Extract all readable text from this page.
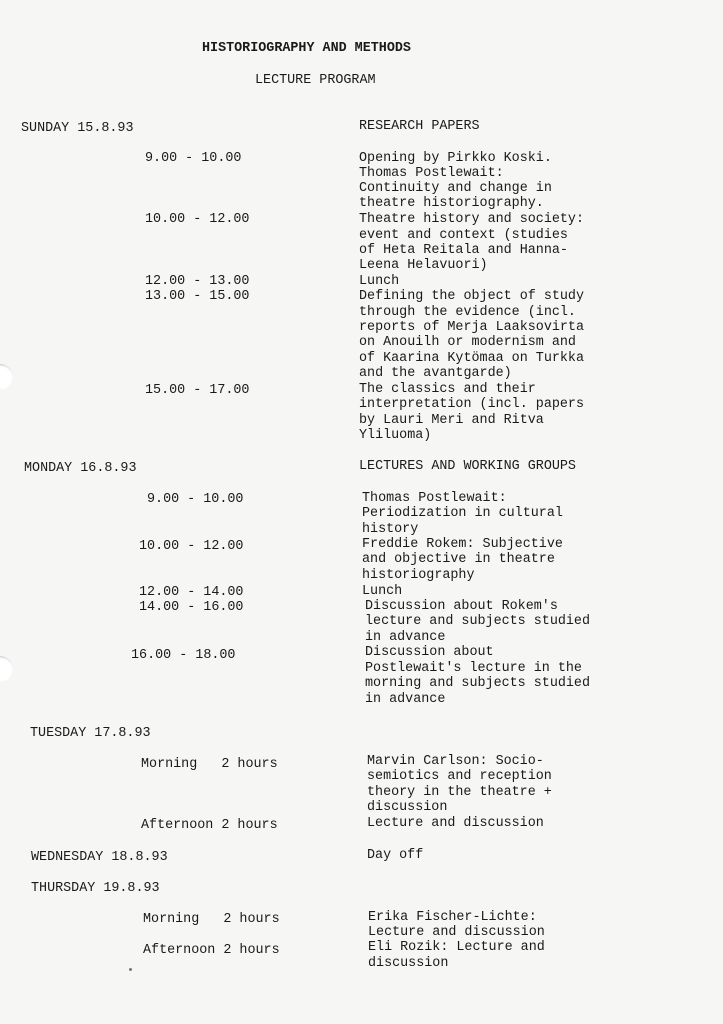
HISTORIOGRAPHY AND METHODS
LECTURE PROGRAM
SUNDAY 15.8.93	RESEARCH PAPERS
9.00 - 10.00	Opening by Pirkko Koski.
Thomas Postlewait:
Continuity and change in
theatre historiography.
10.00 - 12.00	Theatre history and society:
event and context (studies
of Heta Reitala and Hanna-
Leena Helavuori)
12.00 - 13.00	Lunch
13.00 - 15.00	Defining the object of study
through the evidence (incl.
reports of Merja Laaksovirta
on Anouilh or modernism and
of Kaarina Kytömaa on Turkka
and the avantgarde)
15.00 - 17.00	The classics and their
interpretation (incl. papers
by Lauri Meri and Ritva
Yliluoma)
MONDAY 16.8.93	LECTURES AND WORKING GROUPS
9.00 - 10.00	Thomas Postlewait:
Periodization in cultural
history
10.00 - 12.00	Freddie Rokem: Subjective
and objective in theatre
historiography
12.00 - 14.00	Lunch
14.00 - 16.00	Discussion about Rokem's
lecture and subjects studied
in advance
16.00 - 18.00	Discussion about
Postlewait's lecture in the
morning and subjects studied
in advance
TUESDAY 17.8.93
Morning   2 hours	Marvin Carlson: Socio-
semiotics and reception
theory in the theatre +
discussion
Afternoon 2 hours	Lecture and discussion
WEDNESDAY 18.8.93	Day off
THURSDAY 19.8.93
Morning   2 hours	Erika Fischer-Lichte:
Lecture and discussion
Afternoon 2 hours	Eli Rozik: Lecture and
discussion
